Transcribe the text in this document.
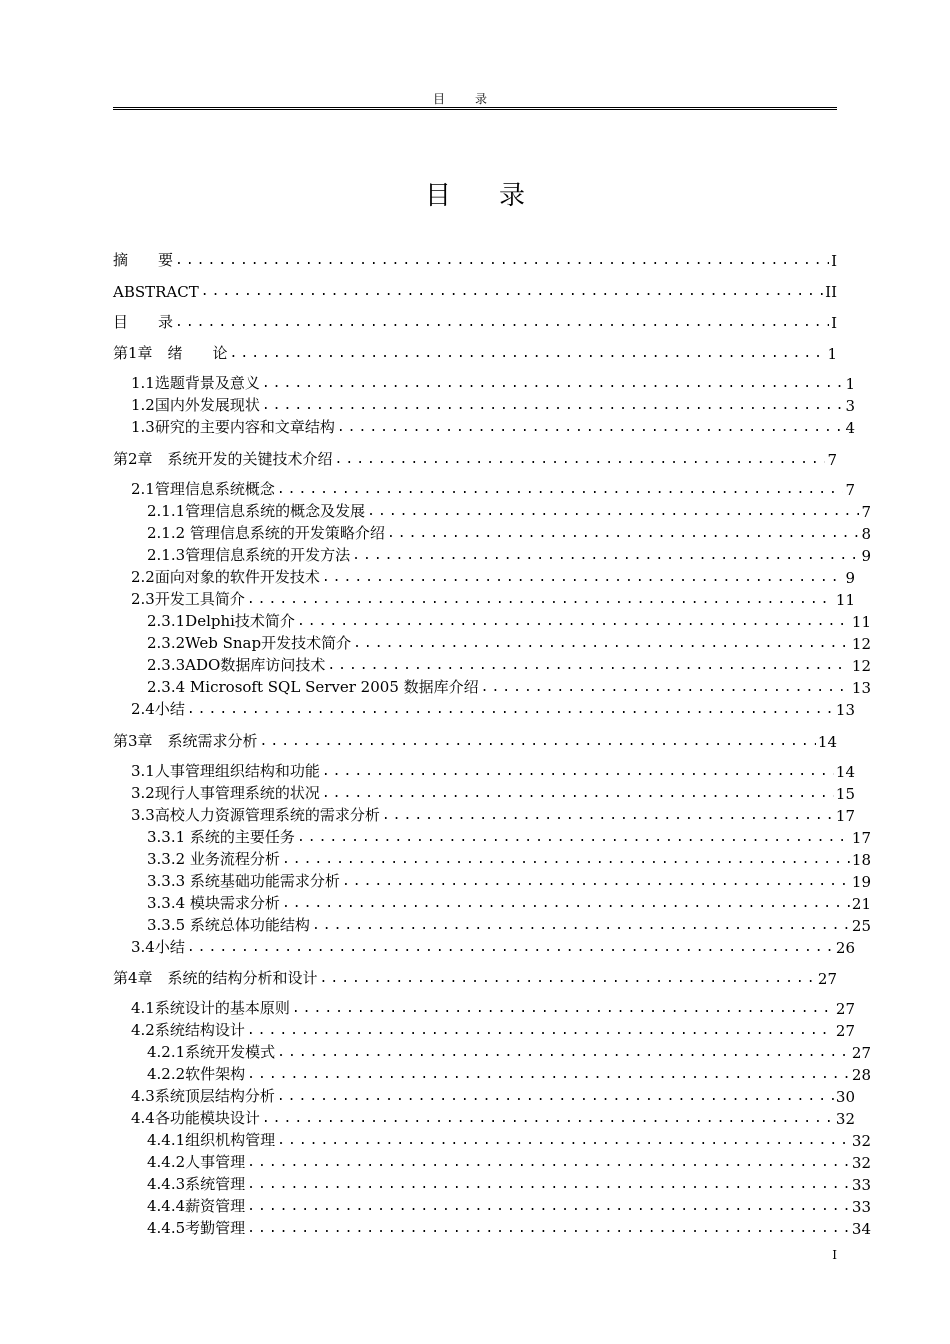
目录
目录
摘　　要 .....	I
ABSTRACT .....	II
目　　录 .....	I
第1章　绪　　论 .....	1
1.1选题背景及意义 .....	1
1.2国内外发展现状 .....	3
1.3研究的主要内容和文章结构 .....	4
第2章　系统开发的关键技术介绍 .....	7
2.1管理信息系统概念 .....	7
2.1.1管理信息系统的概念及发展 .....	7
2.1.2 管理信息系统的开发策略介绍 .....	8
2.1.3管理信息系统的开发方法 .....	9
2.2面向对象的软件开发技术 .....	9
2.3开发工具简介 .....	11
2.3.1Delphi技术简介 .....	11
2.3.2Web Snap开发技术简介 .....	12
2.3.3ADO数据库访问技术 .....	12
2.3.4 Microsoft SQL Server 2005 数据库介绍 .....	13
2.4小结 .....	13
第3章　系统需求分析 .....	14
3.1人事管理组织结构和功能 .....	14
3.2现行人事管理系统的状况 .....	15
3.3高校人力资源管理系统的需求分析 .....	17
3.3.1 系统的主要任务 .....	17
3.3.2 业务流程分析 .....	18
3.3.3 系统基础功能需求分析 .....	19
3.3.4 模块需求分析 .....	21
3.3.5 系统总体功能结构 .....	25
3.4小结 .....	26
第4章　系统的结构分析和设计 .....	27
4.1系统设计的基本原则 .....	27
4.2系统结构设计 .....	27
4.2.1系统开发模式 .....	27
4.2.2软件架构 .....	28
4.3系统顶层结构分析 .....	30
4.4各功能模块设计 .....	32
4.4.1组织机构管理 .....	32
4.4.2人事管理 .....	32
4.4.3系统管理 .....	33
4.4.4薪资管理 .....	33
4.4.5考勤管理 .....	34
I
